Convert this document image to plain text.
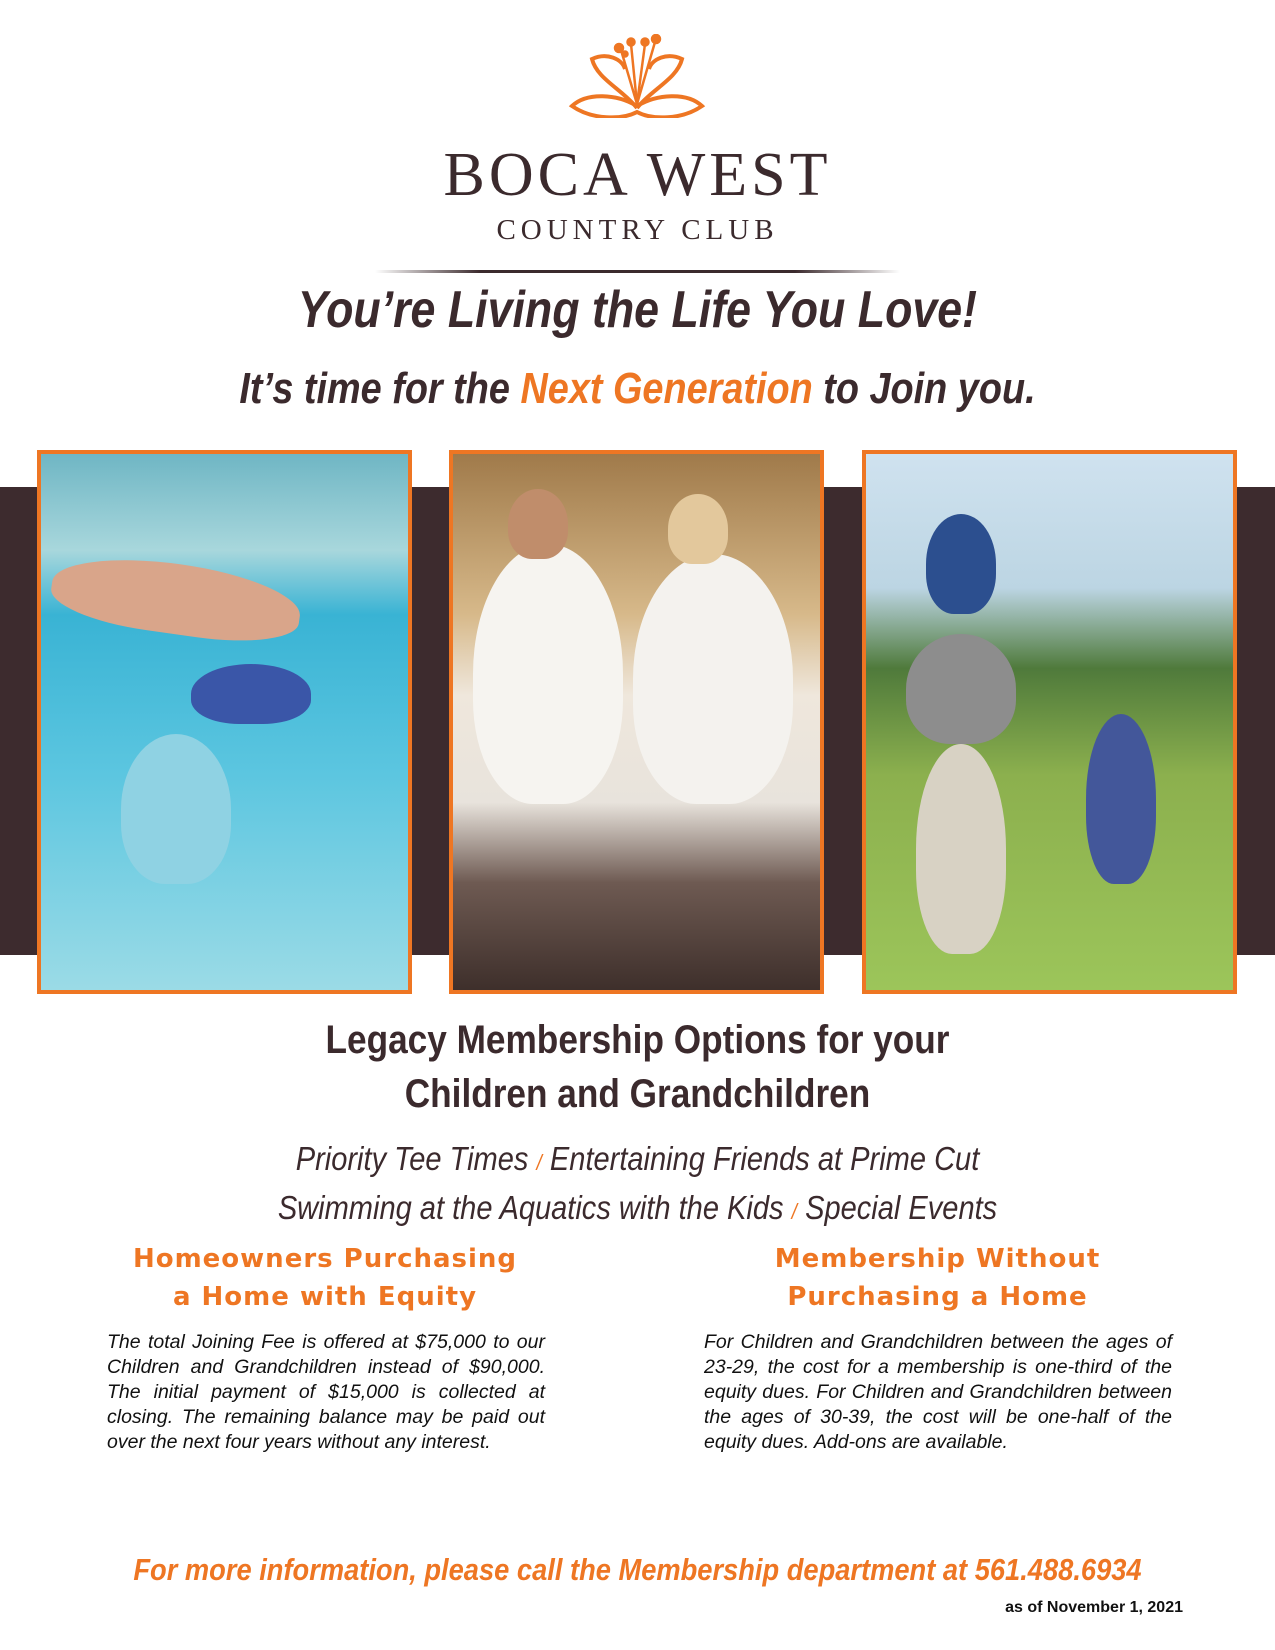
BOCA WEST
COUNTRY CLUB
You’re Living the Life You Love!
It’s time for the Next Generation to Join you.
Legacy Membership Options for your
Children and Grandchildren
Priority Tee Times / Entertaining Friends at Prime Cut
Swimming at the Aquatics with the Kids / Special Events
Homeowners Purchasing
a Home with Equity
Membership Without
Purchasing a Home
The total Joining Fee is offered at $75,000 to our Children and Grandchildren instead of $90,000. The initial payment of $15,000 is collected at closing. The remaining balance may be paid out over the next four years without any interest.
For Children and Grandchildren between the ages of 23-29, the cost for a membership is one-third of the equity dues. For Children and Grandchildren between the ages of 30-39, the cost will be one-half of the equity dues. Add-ons are available.
For more information, please call the Membership department at 561.488.6934
as of November 1, 2021
